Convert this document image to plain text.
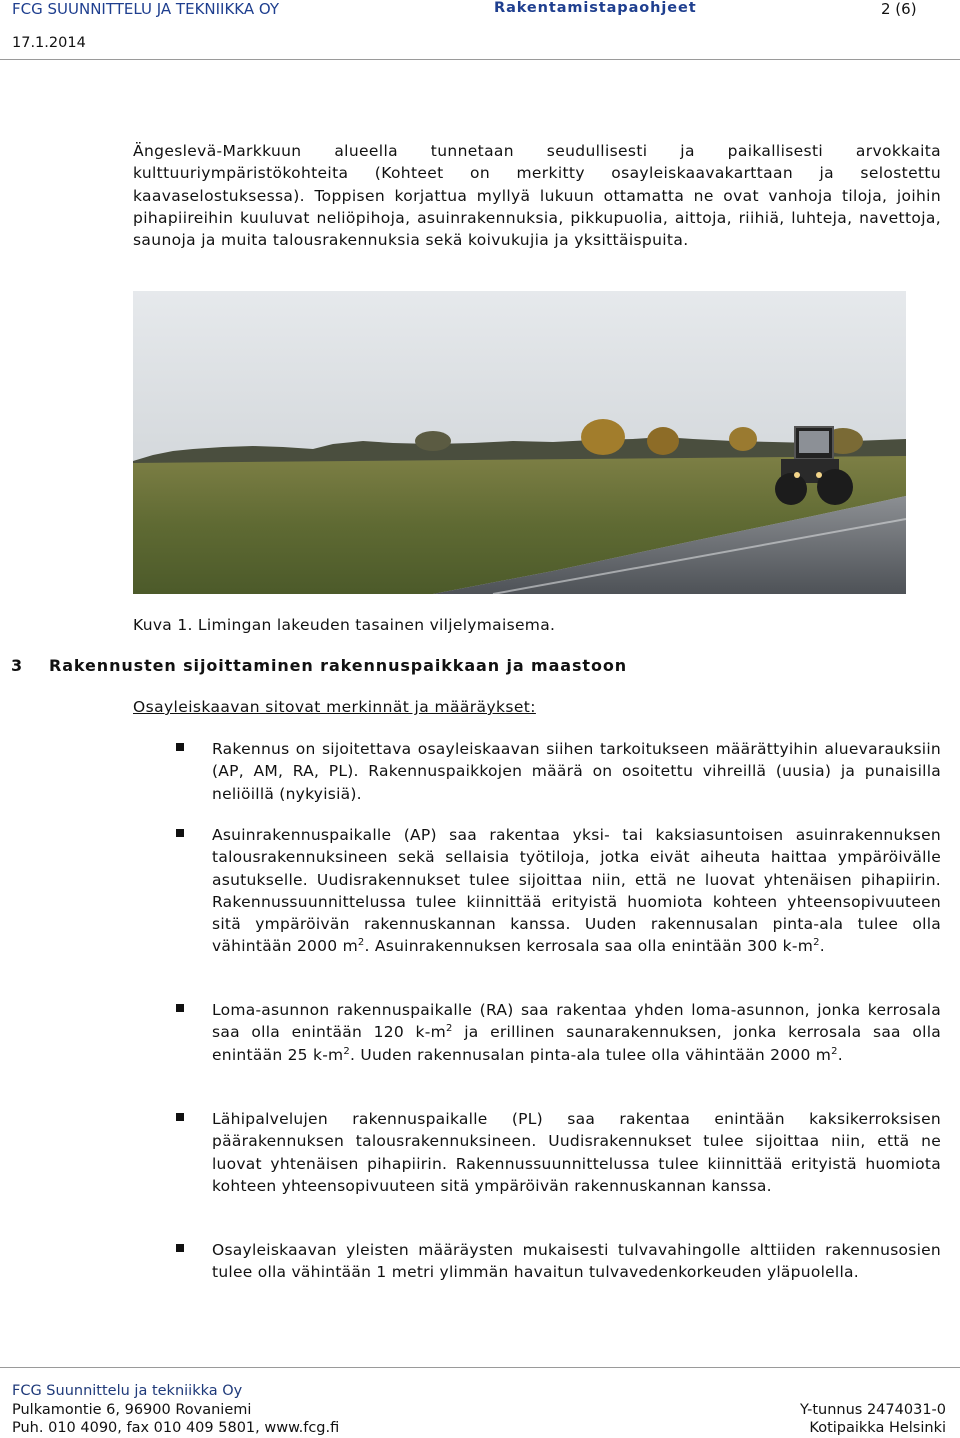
FCG SUUNNITTELU JA TEKNIIKKA OY	Rakentamistapaohjeet	2 (6)
17.1.2014

Ängeslevä-Markkuun alueella tunnetaan seudullisesti ja paikallisesti arvokkaita kulttuuriympäristökohteita (Kohteet on merkitty osayleiskaavakarttaan ja selostettu kaavaselostuksessa). Toppisen korjattua myllyä lukuun ottamatta ne ovat vanhoja tiloja, joihin pihapiireihin kuuluvat neliöpihoja, asuinrakennuksia, pikkupuolia, aittoja, riihiä, luhteja, navettoja, saunoja ja muita talousrakennuksia sekä koivukujia ja yksittäispuita.

Kuva 1. Limingan lakeuden tasainen viljelymaisema.
3 Rakennusten sijoittaminen rakennuspaikkaan ja maastoon
Osayleiskaavan sitovat merkinnät ja määräykset:

Rakennus on sijoitettava osayleiskaavan siihen tarkoitukseen määrättyihin aluevarauksiin (AP, AM, RA, PL). Rakennuspaikkojen määrä on osoitettu vihreillä (uusia) ja punaisilla neliöillä (nykyisiä).

Asuinrakennuspaikalle (AP) saa rakentaa yksi- tai kaksiasuntoisen asuinrakennuksen talousrakennuksineen sekä sellaisia työtiloja, jotka eivät aiheuta haittaa ympäröivälle asutukselle. Uudisrakennukset tulee sijoittaa niin, että ne luovat yhtenäisen pihapiirin. Rakennussuunnittelussa tulee kiinnittää erityistä huomiota kohteen yhteensopivuuteen sitä ympäröivän rakennuskannan kanssa. Uuden rakennusalan pinta-ala tulee olla vähintään 2000 $m^2$. Asuinrakennuksen kerrosala saa olla enintään 300 $k-m^2$.

Loma-asunnon rakennuspaikalle (RA) saa rakentaa yhden loma-asunnon, jonka kerrosala saa olla enintään 120 $k-m^2$ ja erillinen saunarakennuksen, jonka kerrosala saa olla enintään 25 $k-m^2$. Uuden rakennusalan pinta-ala tulee olla vähintään 2000 $m^2$.

Lähipalvelujen rakennuspaikalle (PL) saa rakentaa enintään kaksikerroksisen päärakennuksen talousrakennuksineen. Uudisrakennukset tulee sijoittaa niin, että ne luovat yhtenäisen pihapiirin. Rakennussuunnittelussa tulee kiinnittää erityistä huomiota kohteen yhteensopivuuteen sitä ympäröivän rakennuskannan kanssa.

Osayleiskaavan yleisten määräysten mukaisesti tulvavahingolle alttiiden rakennusosien tulee olla vähintään 1 metri ylimmän havaitun tulvavedenkorkeuden yläpuolella.

FCG Suunnittelu ja tekniikka Oy
Pulkamontie 6, 96900 Rovaniemi
Puh. 010 4090, fax 010 409 5801, www.fcg.fi
Y-tunnus 2474031-0
Kotipaikka Helsinki
